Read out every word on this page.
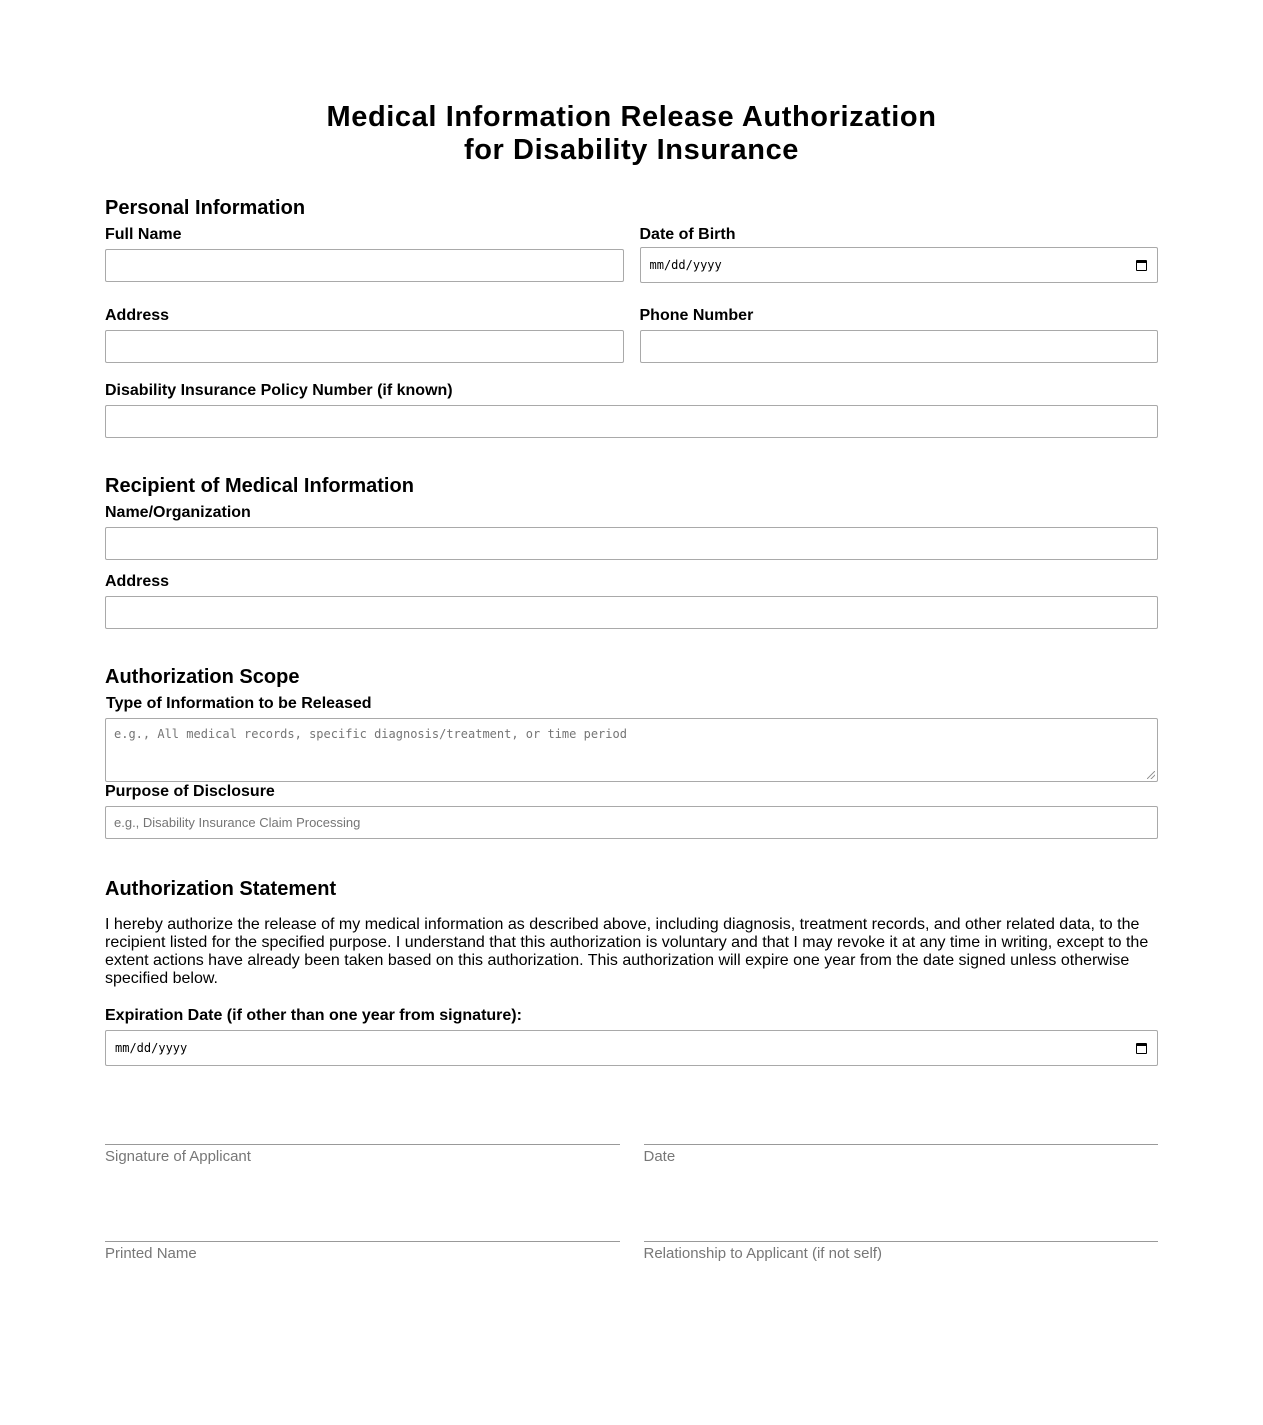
Medical Information Release Authorization
for Disability Insurance
Personal Information
Full Name	Date of Birth
mm/dd/yyyy
Address	Phone Number
Disability Insurance Policy Number (if known)
Recipient of Medical Information
Name/Organization
Address
Authorization Scope
Type of Information to be Released
e.g., All medical records, specific diagnosis/treatment, or time period
Purpose of Disclosure
e.g., Disability Insurance Claim Processing
Authorization Statement

I hereby authorize the release of my medical information as described above, including diagnosis, treatment records, and other related data, to the recipient listed for the specified purpose. I understand that this authorization is voluntary and that I may revoke it at any time in writing, except to the extent actions have already been taken based on this authorization. This authorization will expire one year from the date signed unless otherwise specified below.

Expiration Date (if other than one year from signature):
mm/dd/yyyy
Signature of Applicant	Date
Printed Name	Relationship to Applicant (if not self)
